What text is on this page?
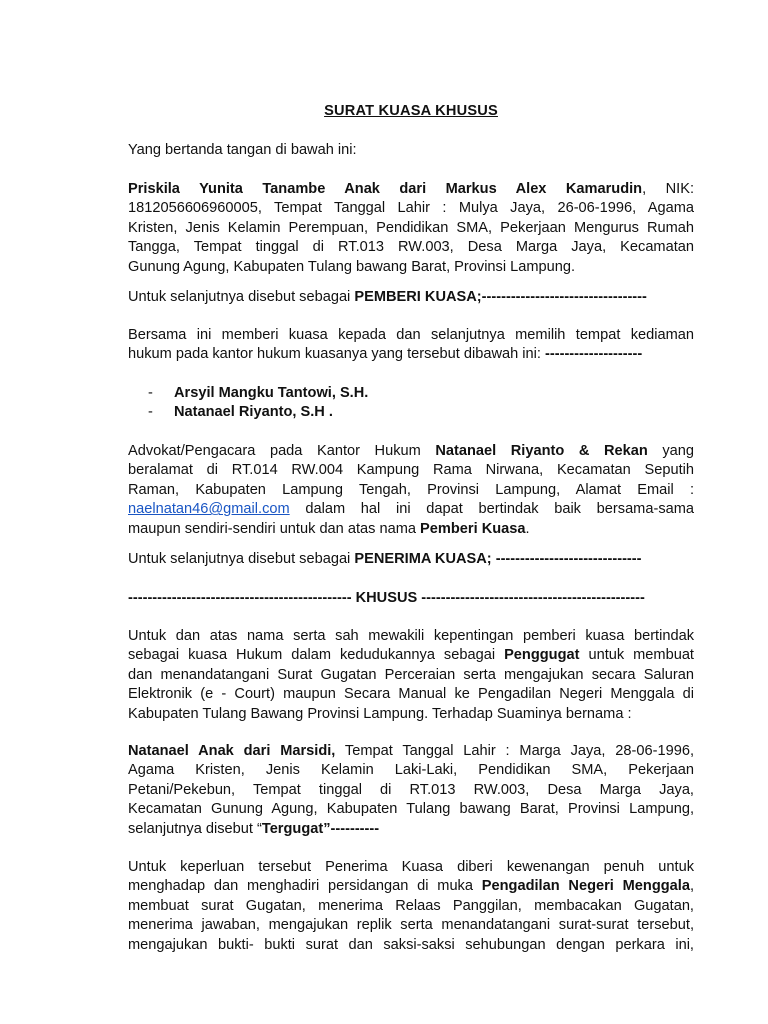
SURAT KUASA KHUSUS
Yang bertanda tangan di bawah ini:
Priskila Yunita Tanambe Anak dari Markus Alex Kamarudin, NIK:
1812056606960005, Tempat Tanggal Lahir : Mulya Jaya, 26-06-1996, Agama
Kristen, Jenis Kelamin Perempuan, Pendidikan SMA, Pekerjaan Mengurus Rumah
Tangga, Tempat tinggal di RT.013 RW.003, Desa Marga Jaya, Kecamatan
Gunung Agung, Kabupaten Tulang bawang Barat, Provinsi Lampung.
Untuk selanjutnya disebut sebagai PEMBERI KUASA;----------------------------------
Bersama ini memberi kuasa kepada dan selanjutnya memilih tempat kediaman
hukum pada kantor hukum kuasanya yang tersebut dibawah ini: --------------------
- Arsyil Mangku Tantowi, S.H.
- Natanael Riyanto, S.H .
Advokat/Pengacara pada Kantor Hukum Natanael Riyanto & Rekan yang
beralamat di RT.014 RW.004 Kampung Rama Nirwana, Kecamatan Seputih
Raman, Kabupaten Lampung Tengah, Provinsi Lampung, Alamat Email :
naelnatan46@gmail.com dalam hal ini dapat bertindak baik bersama-sama
maupun sendiri-sendiri untuk dan atas nama Pemberi Kuasa.
Untuk selanjutnya disebut sebagai PENERIMA KUASA; ------------------------------
---------------------------------------------- KHUSUS ----------------------------------------------
Untuk dan atas nama serta sah mewakili kepentingan pemberi kuasa bertindak
sebagai kuasa Hukum dalam kedudukannya sebagai Penggugat untuk membuat
dan menandatangani Surat Gugatan Perceraian serta mengajukan secara Saluran
Elektronik (e - Court) maupun Secara Manual ke Pengadilan Negeri Menggala di
Kabupaten Tulang Bawang Provinsi Lampung. Terhadap Suaminya bernama :
Natanael Anak dari Marsidi, Tempat Tanggal Lahir : Marga Jaya, 28-06-1996,
Agama Kristen, Jenis Kelamin Laki-Laki, Pendidikan SMA, Pekerjaan
Petani/Pekebun, Tempat tinggal di RT.013 RW.003, Desa Marga Jaya,
Kecamatan Gunung Agung, Kabupaten Tulang bawang Barat, Provinsi Lampung,
selanjutnya disebut “Tergugat”----------
Untuk keperluan tersebut Penerima Kuasa diberi kewenangan penuh untuk
menghadap dan menghadiri persidangan di muka Pengadilan Negeri Menggala,
membuat surat Gugatan, menerima Relaas Panggilan, membacakan Gugatan,
menerima jawaban, mengajukan replik serta menandatangani surat-surat tersebut,
mengajukan bukti- bukti surat dan saksi-saksi sehubungan dengan perkara ini,
